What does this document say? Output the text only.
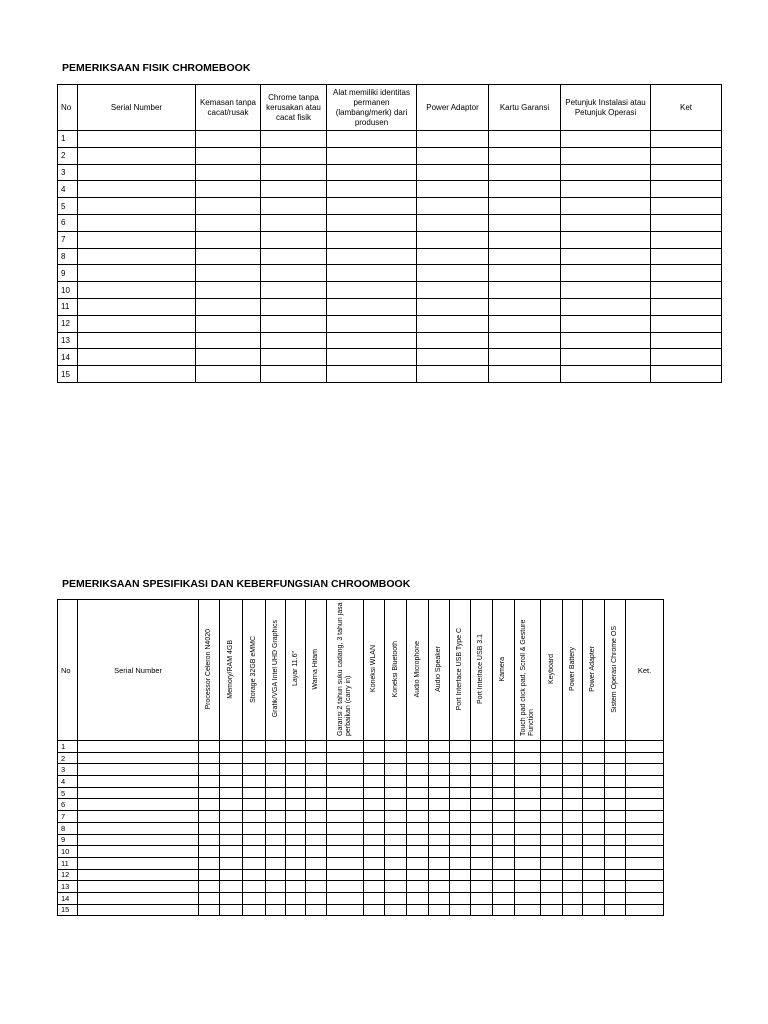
PEMERIKSAAN FISIK CHROMEBOOK
No	Serial Number	Kemasan tanpa cacat/rusak	Chrome tanpa kerusakan atau cacat fisik	Alat memiliki identitas permanen (lambang/merk) dari produsen	Power Adaptor	Kartu Garansi	Petunjuk Instalasi atau Petunjuk Operasi	Ket
1								
2								
3								
4								
5								
6								
7								
8								
9								
10								
11								
12								
13								
14								
15								
PEMERIKSAAN SPESIFIKASI DAN KEBERFUNGSIAN CHROOMBOOK
No	Serial Number	Processor Celeron N4020	Memory/RAM 4GB	Storage 32GB eMMC	Grafik/VGA Intel UHD Graphics	Layar 11.6"	Warna Hitam	Garansi 2 tahun suku cadang, 3 tahun jasa perbaikan (carry in)	Koneksi WLAN	Koneksi Bluetooth	Audio Microphone	Audio Speaker	Port Interface USB Type C	Port Interface USB 3.1	Kamera	Touch pad click pad, Scroll & Gesture Function	Keyboard	Power Battery	Power Adapter	Sistem Operasi Chrome OS	Ket.
1																					
2																					
3																					
4																					
5																					
6																					
7																					
8																					
9																					
10																					
11																					
12																					
13																					
14																					
15																					
